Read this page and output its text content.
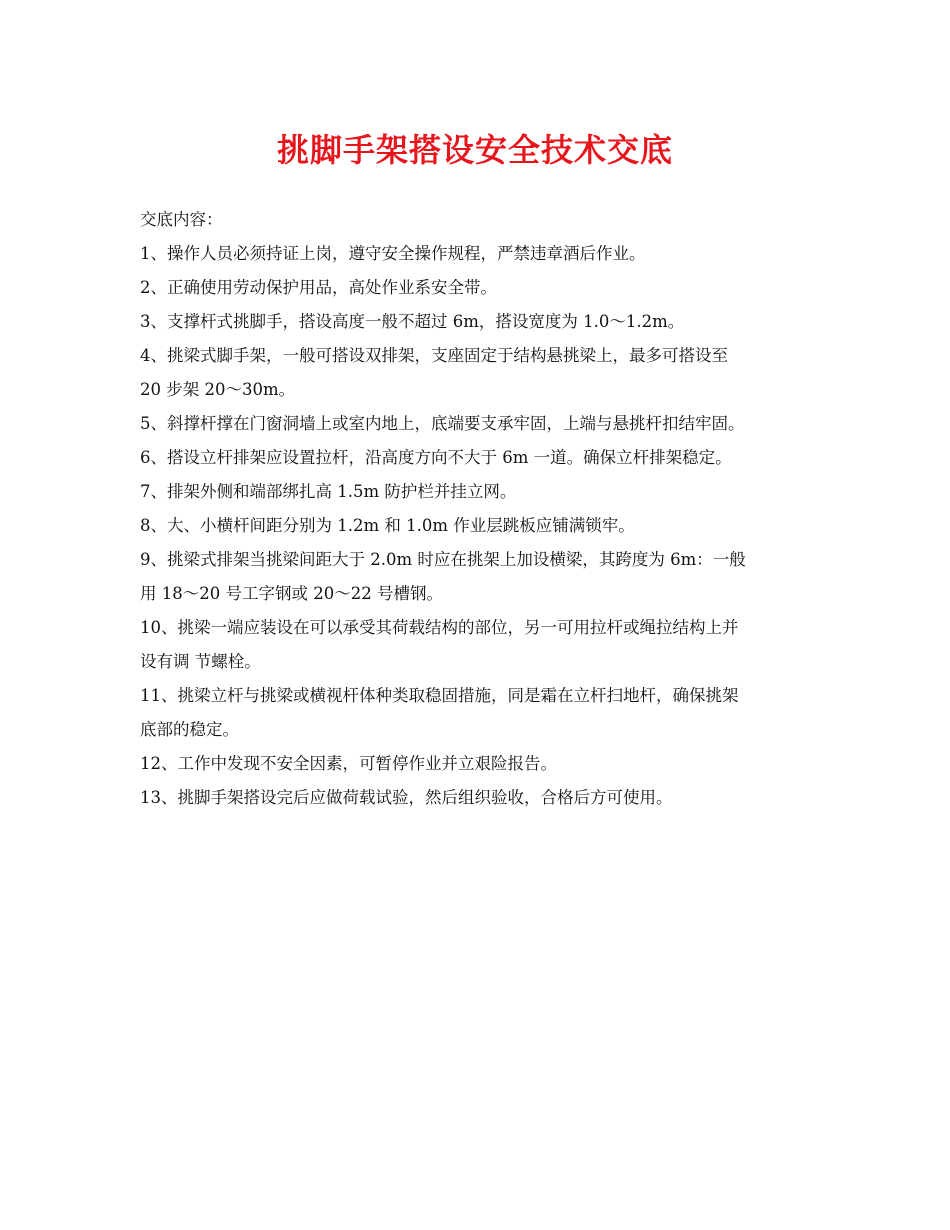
挑脚手架搭设安全技术交底
交底内容：
1、操作人员必须持证上岗，遵守安全操作规程，严禁违章酒后作业。
2、正确使用劳动保护用品，高处作业系安全带。
3、支撑杆式挑脚手，搭设高度一般不超过 6m，搭设宽度为 1.0～1.2m。
4、挑梁式脚手架，一般可搭设双排架，支座固定于结构悬挑梁上，最多可搭设至
20 步架 20～30m。
5、斜撑杆撑在门窗洞墙上或室内地上，底端要支承牢固，上端与悬挑杆扣结牢固。
6、搭设立杆排架应设置拉杆，沿高度方向不大于 6m 一道。确保立杆排架稳定。
7、排架外侧和端部绑扎高 1.5m 防护栏并挂立网。
8、大、小横杆间距分别为 1.2m 和 1.0m 作业层跳板应铺满锁牢。
9、挑梁式排架当挑梁间距大于 2.0m 时应在挑架上加设横梁，其跨度为 6m：一般
用 18～20 号工字钢或 20～22 号槽钢。
10、挑梁一端应装设在可以承受其荷载结构的部位，另一可用拉杆或绳拉结构上并
设有调 节螺栓。
11、挑梁立杆与挑梁或横视杆体种类取稳固措施，同是霜在立杆扫地杆，确保挑架
底部的稳定。
12、工作中发现不安全因素，可暂停作业并立艰险报告。
13、挑脚手架搭设完后应做荷载试验，然后组织验收，合格后方可使用。
